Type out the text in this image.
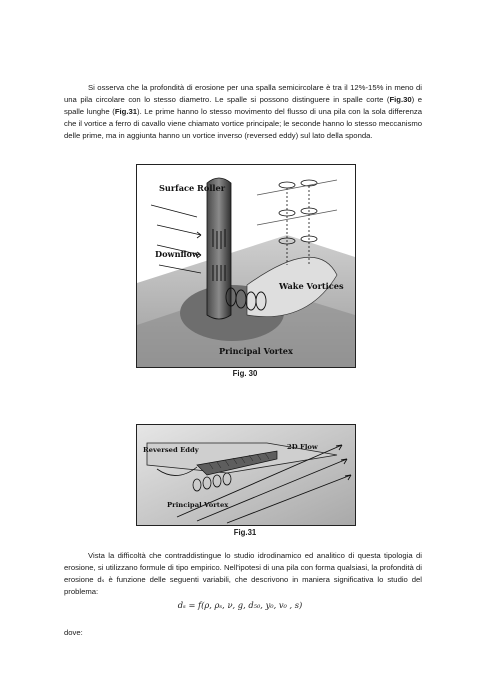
Si osserva che la profondità di erosione per una spalla semicircolare è tra il 12%-15% in meno di una pila circolare con lo stesso diametro. Le spalle si possono distinguere in spalle corte (Fig.30) e spalle lunghe (Fig.31). Le prime hanno lo stesso movimento del flusso di una pila con la sola differenza che il vortice a ferro di cavallo viene chiamato vortice principale; le seconde hanno lo stesso meccanismo delle prime, ma in aggiunta hanno un vortice inverso (reversed eddy) sul lato della sponda.

Surface Roller
Downflow
Wake Vortices
Principal Vortex
Fig. 30
Reversed Eddy	2D Flow
Principal Vortex
Fig.31

Vista la difficoltà che contraddistingue lo studio idrodinamico ed analitico di questa tipologia di erosione, si utilizzano formule di tipo empirico. Nell'ipotesi di una pila con forma qualsiasi, la profondità di erosione dₛ è funzione delle seguenti variabili, che descrivono in maniera significativa lo studio del problema:

dₛ = f(ρ, ρₛ, ν, g, d₅₀, y₀, v₀ , s)
dove:
